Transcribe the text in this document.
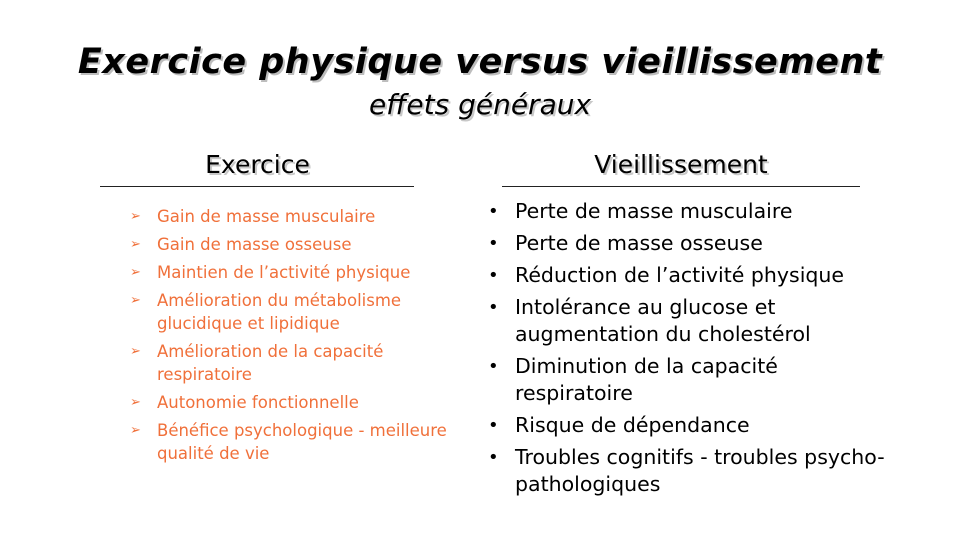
Exercice physique versus vieillissement
effets généraux
Exercice	Vieillissement
➢ Gain de masse musculaire
➢ Gain de masse osseuse
➢ Maintien de l’activité physique
➢ Amélioration du métabolisme glucidique et lipidique
➢ Amélioration de la capacité respiratoire
➢ Autonomie fonctionnelle
➢ Bénéfice psychologique - meilleure qualité de vie
• Perte de masse musculaire
• Perte de masse osseuse
• Réduction de l’activité physique
• Intolérance au glucose et augmentation du cholestérol
• Diminution de la capacité respiratoire
• Risque de dépendance
• Troubles cognitifs - troubles psycho-pathologiques
